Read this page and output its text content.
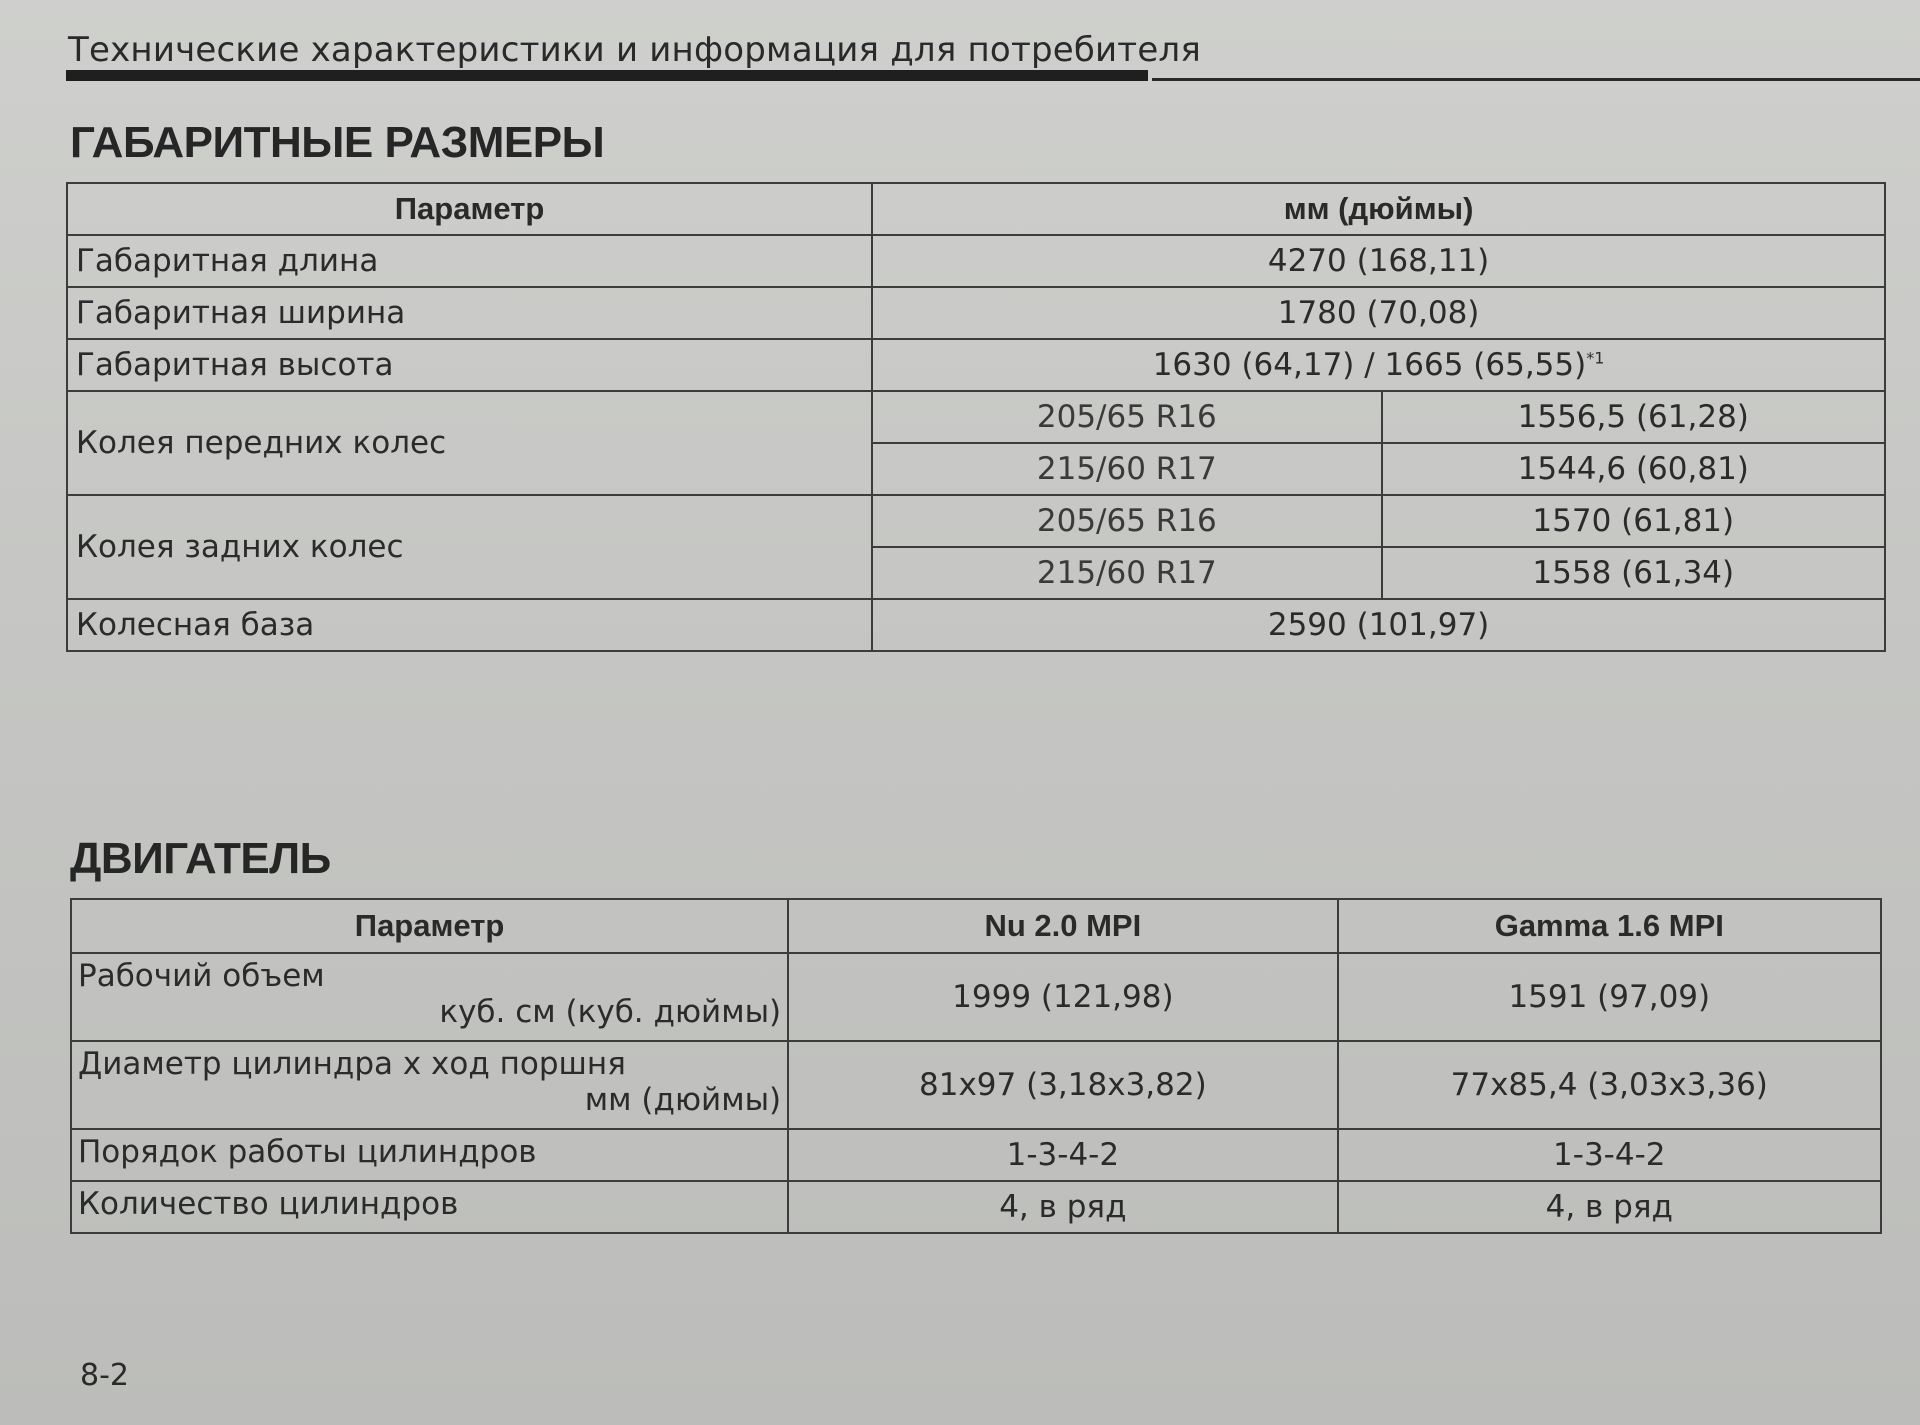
Технические характеристики и информация для потребителя
ГАБАРИТНЫЕ РАЗМЕРЫ
Параметр	мм (дюймы)	
Габаритная длина	4270 (168,11)	
Габаритная ширина	1780 (70,08)	
Габаритная высота	1630 (64,17) / 1665 $(65,55)^{*1}$
Колея передних колес	205/65 R16	1556,5 (61,28)
	215/60 R17	1544,6 (60,81)
Колея задних колес	205/65 R16	1570 (61,81)
	215/60 R17	1558 (61,34)
Колесная база	2590 (101,97)	
ДВИГАТЕЛЬ
Параметр	Nu 2.0 MPI	Gamma 1.6 MPI

Рабочий объем
куб. см (куб. дюймы)	1999 (121,98)	1591 (97,09)

Диаметр цилиндра х ход поршня
мм (дюймы)	81x97 (3,18x3,82)	77x85,4 (3,03x3,36)
Порядок работы цилиндров	1-3-4-2	1-3-4-2
Количество цилиндров	4, в ряд	4, в ряд
8-2
